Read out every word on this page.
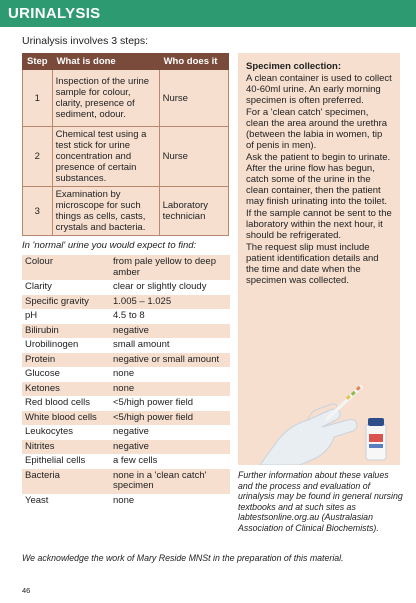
URINALYSIS
Urinalysis involves 3 steps:
Step	What is done	Who does it
1	Inspection of the urine sample for colour, clarity, presence of sediment, odour.	Nurse
2	Chemical test using a test stick for urine concentration and presence of certain substances.	Nurse
3	Examination by microscope for such things as cells, casts, crystals and bacteria.	Laboratory technician
In 'normal' urine you would expect to find:
Colour	from pale yellow to deep amber
Clarity	clear or slightly cloudy
Specific gravity	1.005 – 1.025
pH	4.5 to 8
Bilirubin	negative
Urobilinogen	small amount
Protein	negative or small amount
Glucose	none
Ketones	none
Red blood cells	<5/high power field
White blood cells	<5/high power field
Leukocytes	negative
Nitrites	negative
Epithelial cells	a few cells
Bacteria	none in a 'clean catch' specimen
Yeast	none
Specimen collection:

A clean container is used to collect 40-60ml urine. An early morning specimen is often preferred.

For a 'clean catch' specimen, clean the area around the urethra (between the labia in women, tip of penis in men).

Ask the patient to begin to urinate. After the urine flow has begun, catch some of the urine in the clean container, then the patient may finish urinating into the toilet.

If the sample cannot be sent to the laboratory within the next hour, it should be refrigerated.

The request slip must include patient identification details and the time and date when the specimen was collected.

Further information about these values and the process and evaluation of urinalysis may be found in general nursing textbooks and at such sites as labtestsonline.org.au (Australasian Association of Clinical Biochemists).
We acknowledge the work of Mary Reside MNSt in the preparation of this material.
46
